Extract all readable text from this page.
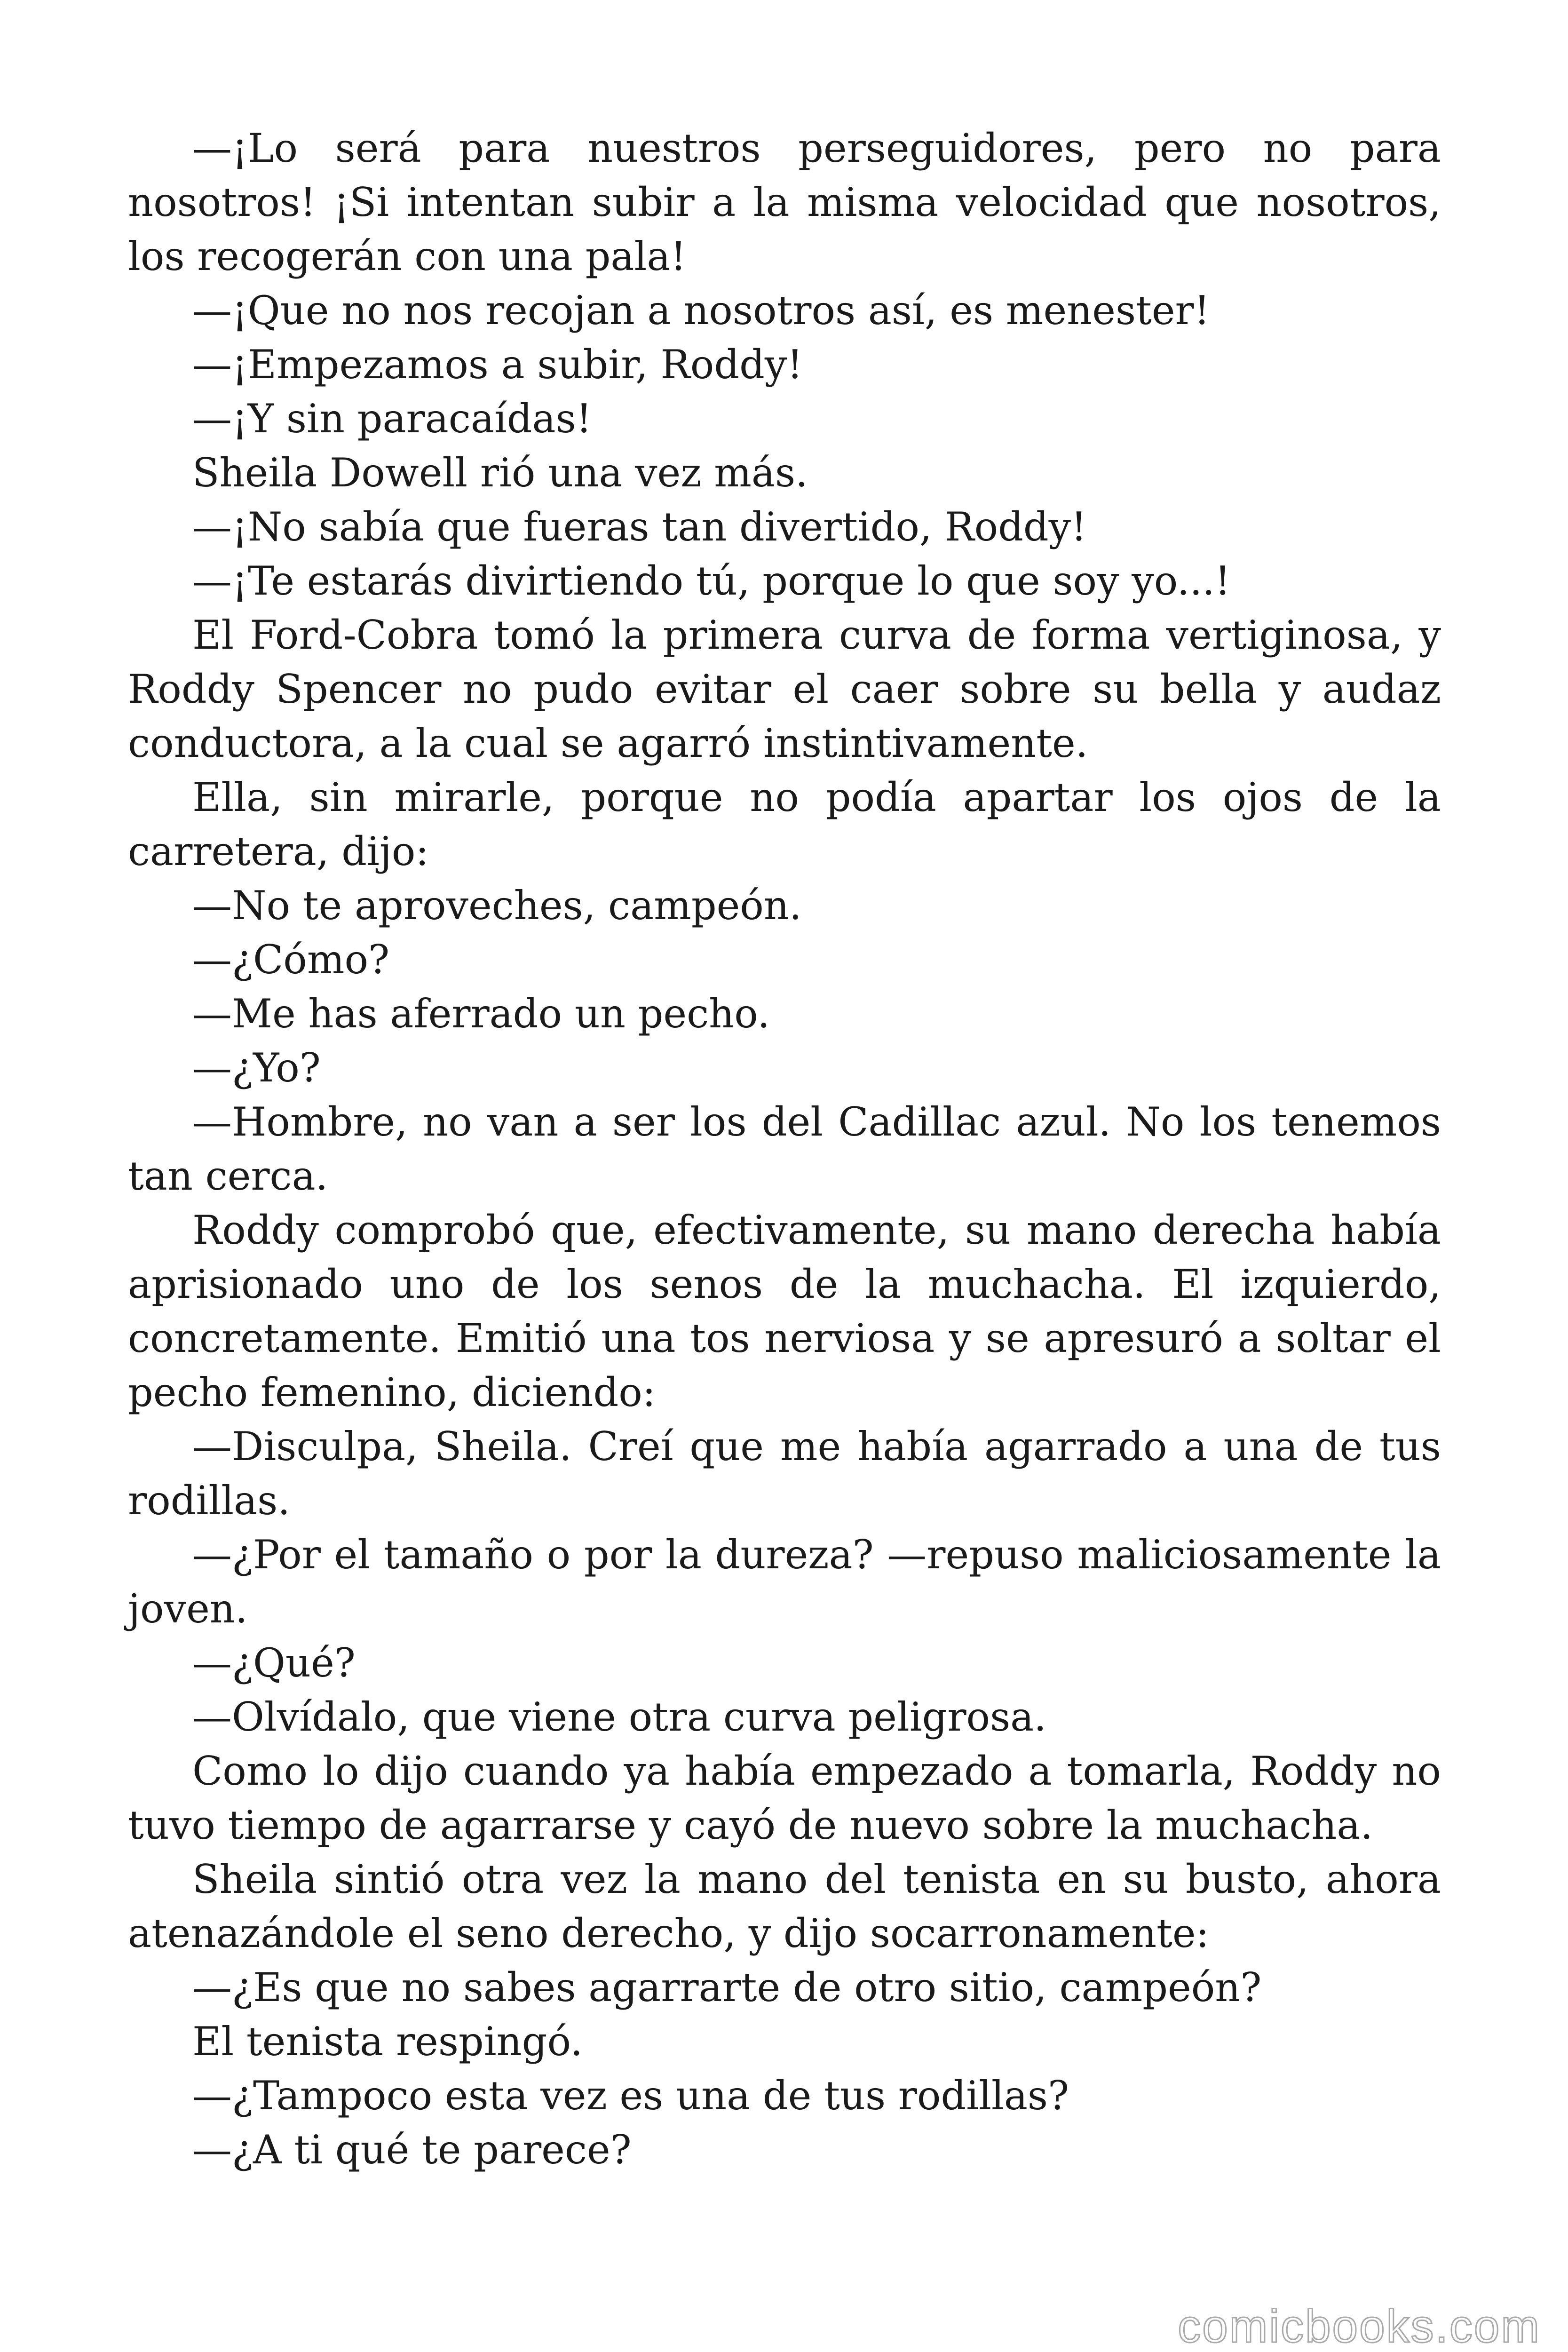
—¡Lo será para nuestros perseguidores, pero no para nosotros! ¡Si intentan subir a la misma velocidad que nosotros, los recogerán con una pala!

—¡Que no nos recojan a nosotros así, es menester!

—¡Empezamos a subir, Roddy!

—¡Y sin paracaídas!

Sheila Dowell rió una vez más.

—¡No sabía que fueras tan divertido, Roddy!

—¡Te estarás divirtiendo tú, porque lo que soy yo...!

El Ford-Cobra tomó la primera curva de forma vertiginosa, y Roddy Spencer no pudo evitar el caer sobre su bella y audaz conductora, a la cual se agarró instintivamente.

Ella, sin mirarle, porque no podía apartar los ojos de la carretera, dijo:

—No te aproveches, campeón.

—¿Cómo?

—Me has aferrado un pecho.

—¿Yo?

—Hombre, no van a ser los del Cadillac azul. No los tenemos tan cerca.

Roddy comprobó que, efectivamente, su mano derecha había aprisionado uno de los senos de la muchacha. El izquierdo, concretamente. Emitió una tos nerviosa y se apresuró a soltar el pecho femenino, diciendo:

—Disculpa, Sheila. Creí que me había agarrado a una de tus rodillas.

—¿Por el tamaño o por la dureza? —repuso maliciosamente la joven.

—¿Qué?

—Olvídalo, que viene otra curva peligrosa.

Como lo dijo cuando ya había empezado a tomarla, Roddy no tuvo tiempo de agarrarse y cayó de nuevo sobre la muchacha.

Sheila sintió otra vez la mano del tenista en su busto, ahora atenazándole el seno derecho, y dijo socarronamente:

—¿Es que no sabes agarrarte de otro sitio, campeón?

El tenista respingó.

—¿Tampoco esta vez es una de tus rodillas?

—¿A ti qué te parece?

comicbooks.com
